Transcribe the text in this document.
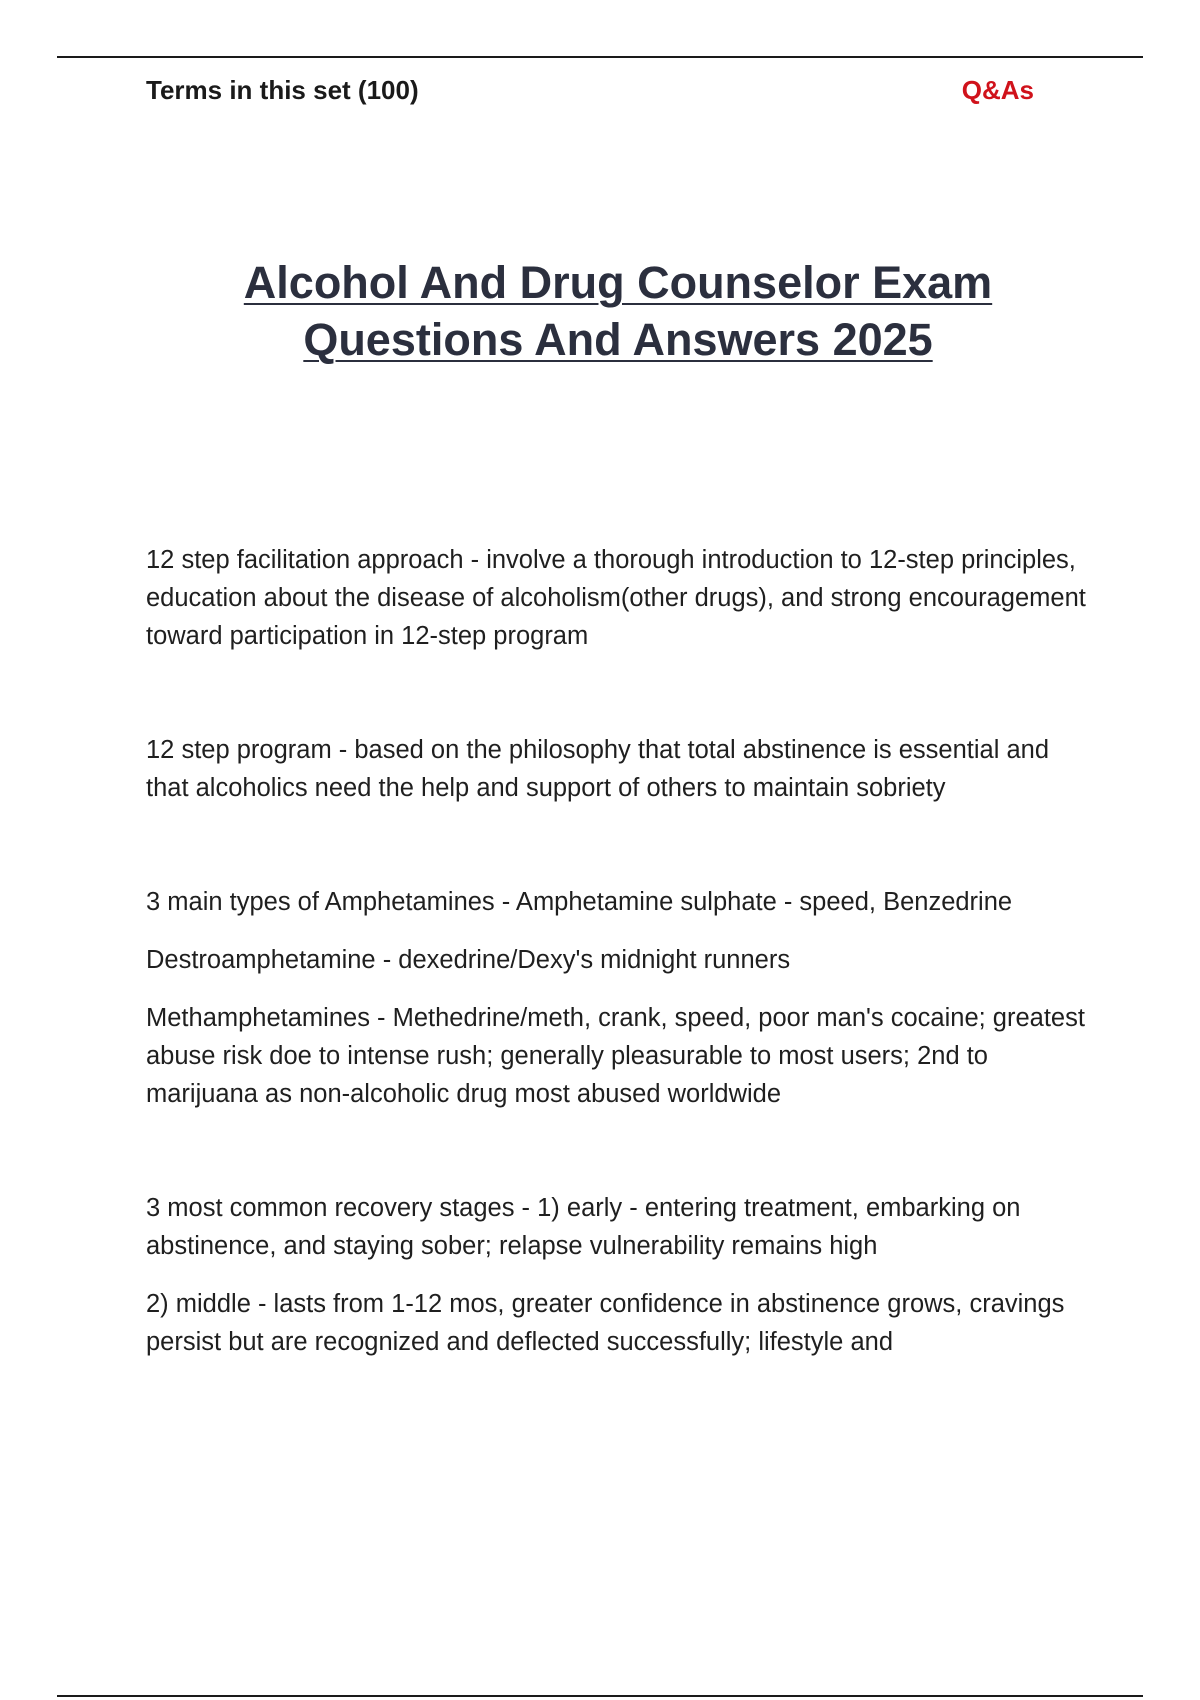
Terms in this set (100)	Q&As
Alcohol And Drug Counselor Exam
Questions And Answers 2025

12 step facilitation approach - involve a thorough introduction to 12-step principles, education about the disease of alcoholism(other drugs), and strong encouragement toward participation in 12-step program

12 step program - based on the philosophy that total abstinence is essential and that alcoholics need the help and support of others to maintain sobriety

3 main types of Amphetamines - Amphetamine sulphate - speed, Benzedrine

Destroamphetamine - dexedrine/Dexy's midnight runners

Methamphetamines - Methedrine/meth, crank, speed, poor man's cocaine; greatest abuse risk doe to intense rush; generally pleasurable to most users; 2nd to marijuana as non-alcoholic drug most abused worldwide

3 most common recovery stages - 1) early - entering treatment, embarking on abstinence, and staying sober; relapse vulnerability remains high

2) middle - lasts from 1-12 mos, greater confidence in abstinence grows, cravings persist but are recognized and deflected successfully; lifestyle and
